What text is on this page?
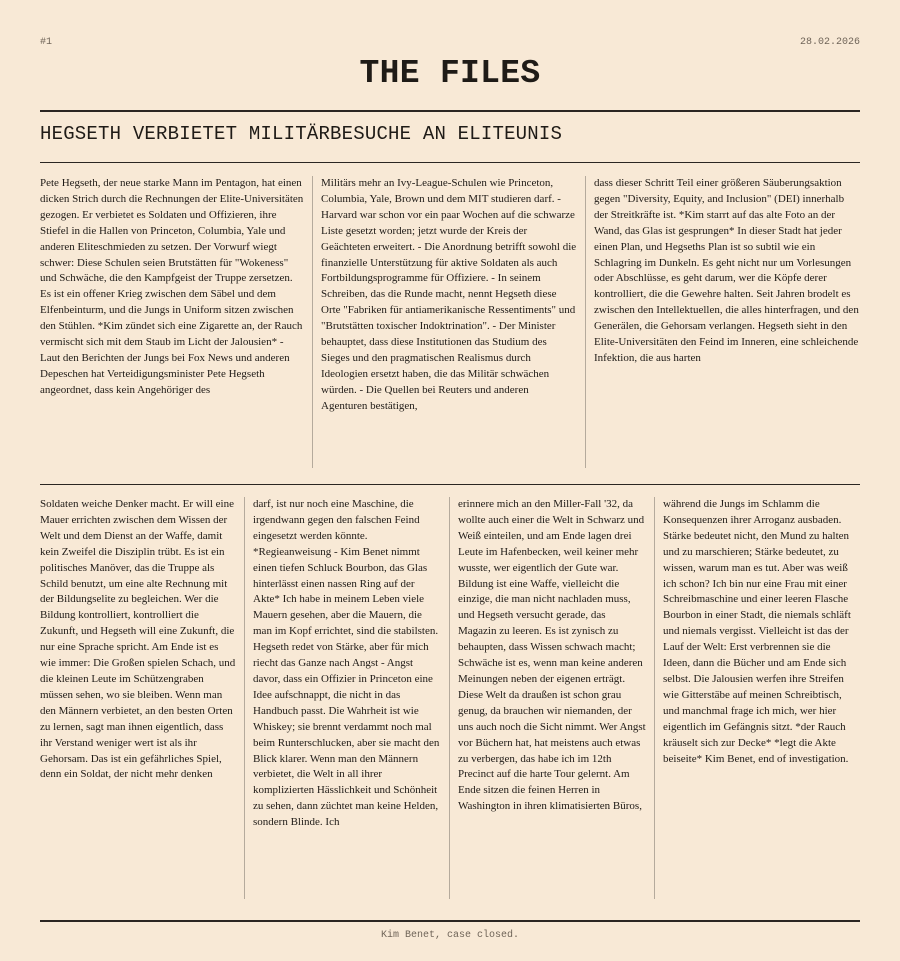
#1	28.02.2026
THE FILES
HEGSETH VERBIETET MILITÄRBESUCHE AN ELITEUNIS
Pete Hegseth, der neue starke Mann im Pentagon, hat einen dicken Strich durch die Rechnungen der Elite-Universitäten gezogen. Er verbietet es Soldaten und Offizieren, ihre Stiefel in die Hallen von Princeton, Columbia, Yale und anderen Eliteschmieden zu setzen. Der Vorwurf wiegt schwer: Diese Schulen seien Brutstätten für "Wokeness" und Schwäche, die den Kampfgeist der Truppe zersetzen. Es ist ein offener Krieg zwischen dem Säbel und dem Elfenbeinturm, und die Jungs in Uniform sitzen zwischen den Stühlen. *Kim zündet sich eine Zigarette an, der Rauch vermischt sich mit dem Staub im Licht der Jalousien* - Laut den Berichten der Jungs bei Fox News und anderen Depeschen hat Verteidigungsminister Pete Hegseth angeordnet, dass kein Angehöriger des
Militärs mehr an Ivy-League-Schulen wie Princeton, Columbia, Yale, Brown und dem MIT studieren darf. - Harvard war schon vor ein paar Wochen auf die schwarze Liste gesetzt worden; jetzt wurde der Kreis der Geächteten erweitert. - Die Anordnung betrifft sowohl die finanzielle Unterstützung für aktive Soldaten als auch Fortbildungsprogramme für Offiziere. - In seinem Schreiben, das die Runde macht, nennt Hegseth diese Orte "Fabriken für antiamerikanische Ressentiments" und "Brutstätten toxischer Indoktrination". - Der Minister behauptet, dass diese Institutionen das Studium des Sieges und den pragmatischen Realismus durch Ideologien ersetzt haben, die das Militär schwächen würden. - Die Quellen bei Reuters und anderen Agenturen bestätigen,
dass dieser Schritt Teil einer größeren Säuberungsaktion gegen "Diversity, Equity, and Inclusion" (DEI) innerhalb der Streitkräfte ist. *Kim starrt auf das alte Foto an der Wand, das Glas ist gesprungen* In dieser Stadt hat jeder einen Plan, und Hegseths Plan ist so subtil wie ein Schlagring im Dunkeln. Es geht nicht nur um Vorlesungen oder Abschlüsse, es geht darum, wer die Köpfe derer kontrolliert, die die Gewehre halten. Seit Jahren brodelt es zwischen den Intellektuellen, die alles hinterfragen, und den Generälen, die Gehorsam verlangen. Hegseth sieht in den Elite-Universitäten den Feind im Inneren, eine schleichende Infektion, die aus harten
Soldaten weiche Denker macht. Er will eine Mauer errichten zwischen dem Wissen der Welt und dem Dienst an der Waffe, damit kein Zweifel die Disziplin trübt. Es ist ein politisches Manöver, das die Truppe als Schild benutzt, um eine alte Rechnung mit der Bildungselite zu begleichen. Wer die Bildung kontrolliert, kontrolliert die Zukunft, und Hegseth will eine Zukunft, die nur eine Sprache spricht. Am Ende ist es wie immer: Die Großen spielen Schach, und die kleinen Leute im Schützengraben müssen sehen, wo sie bleiben. Wenn man den Männern verbietet, an den besten Orten zu lernen, sagt man ihnen eigentlich, dass ihr Verstand weniger wert ist als ihr Gehorsam. Das ist ein gefährliches Spiel, denn ein Soldat, der nicht mehr denken
darf, ist nur noch eine Maschine, die irgendwann gegen den falschen Feind eingesetzt werden könnte. *Regieanweisung - Kim Benet nimmt einen tiefen Schluck Bourbon, das Glas hinterlässt einen nassen Ring auf der Akte* Ich habe in meinem Leben viele Mauern gesehen, aber die Mauern, die man im Kopf errichtet, sind die stabilsten. Hegseth redet von Stärke, aber für mich riecht das Ganze nach Angst - Angst davor, dass ein Offizier in Princeton eine Idee aufschnappt, die nicht in das Handbuch passt. Die Wahrheit ist wie Whiskey; sie brennt verdammt noch mal beim Runterschlucken, aber sie macht den Blick klarer. Wenn man den Männern verbietet, die Welt in all ihrer komplizierten Hässlichkeit und Schönheit zu sehen, dann züchtet man keine Helden, sondern Blinde. Ich
erinnere mich an den Miller-Fall '32, da wollte auch einer die Welt in Schwarz und Weiß einteilen, und am Ende lagen drei Leute im Hafenbecken, weil keiner mehr wusste, wer eigentlich der Gute war. Bildung ist eine Waffe, vielleicht die einzige, die man nicht nachladen muss, und Hegseth versucht gerade, das Magazin zu leeren. Es ist zynisch zu behaupten, dass Wissen schwach macht; Schwäche ist es, wenn man keine anderen Meinungen neben der eigenen erträgt. Diese Welt da draußen ist schon grau genug, da brauchen wir niemanden, der uns auch noch die Sicht nimmt. Wer Angst vor Büchern hat, hat meistens auch etwas zu verbergen, das habe ich im 12th Precinct auf die harte Tour gelernt. Am Ende sitzen die feinen Herren in Washington in ihren klimatisierten Büros,
während die Jungs im Schlamm die Konsequenzen ihrer Arroganz ausbaden. Stärke bedeutet nicht, den Mund zu halten und zu marschieren; Stärke bedeutet, zu wissen, warum man es tut. Aber was weiß ich schon? Ich bin nur eine Frau mit einer Schreibmaschine und einer leeren Flasche Bourbon in einer Stadt, die niemals schläft und niemals vergisst. Vielleicht ist das der Lauf der Welt: Erst verbrennen sie die Ideen, dann die Bücher und am Ende sich selbst. Die Jalousien werfen ihre Streifen wie Gitterstäbe auf meinen Schreibtisch, und manchmal frage ich mich, wer hier eigentlich im Gefängnis sitzt. *der Rauch kräuselt sich zur Decke* *legt die Akte beiseite* Kim Benet, end of investigation.
Kim Benet, case closed.
